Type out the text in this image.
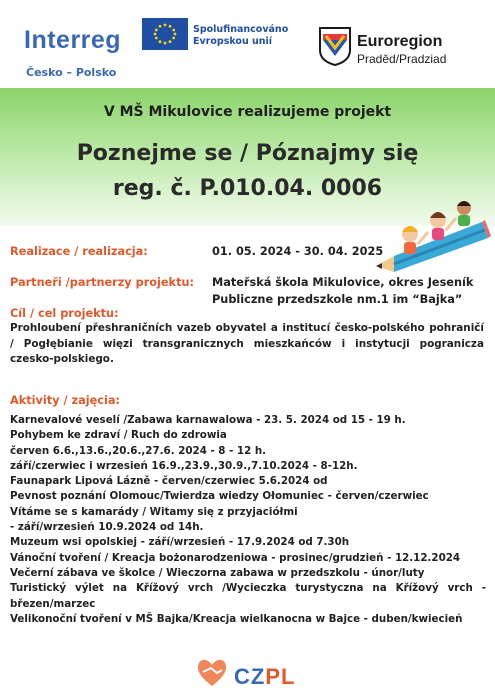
Interreg
Česko – Polsko
Spolufinancováno
Evropskou unií	Euroregion
Praděd/Pradziad
V MŠ Mikulovice realizujeme projekt
Poznejme se / Póznajmy się
reg. č. P.010.04. 0006
Realizace / realizacja:	01. 05. 2024 - 30. 04. 2025
Partneři /partnerzy projektu: Mateřská škola Mikulovice, okres Jeseník
Publiczne przedszkole nm.1 im “Bajka”
Cíl / cel projektu:
Prohloubení přeshraničních vazeb obyvatel a institucí česko-polského pohraničí / Pogłębianie więzi transgranicznych mieszkańców i instytucji pogranicza czesko-polskiego.
Aktivity / zajęcia:
Karnevalové veselí /Zabawa karnawalowa - 23. 5. 2024 od 15 - 19 h.
Pohybem ke zdraví / Ruch do zdrowia
červen 6.6.,13.6.,20.6.,27.6. 2024 - 8 - 12 h.
září/czerwiec i wrzesień 16.9.,23.9.,30.9.,7.10.2024 - 8-12h.
Faunapark Lipová Lázně - červen/czerwiec 5.6.2024 od
Pevnost poznání Olomouc/Twierdza wiedzy Ołomuniec - červen/czerwiec
Vítáme se s kamarády / Witamy się z przyjaciółmi
- září/wrzesień 10.9.2024 od 14h.
Muzeum wsi opolskiej - září/wrzesień - 17.9.2024 od 7.30h
Vánoční tvoření / Kreacja bożonarodzeniowa - prosinec/grudzień - 12.12.2024
Večerní zábava ve školce / Wieczorna zabawa w przedszkolu - únor/luty
Turistický výlet na Křížový vrch /Wycieczka turystyczna na Křížový vrch - březen/marzec
Velikonoční tvoření v MŠ Bajka/Kreacja wielkanocna w Bajce - duben/kwiecień
CZPL
